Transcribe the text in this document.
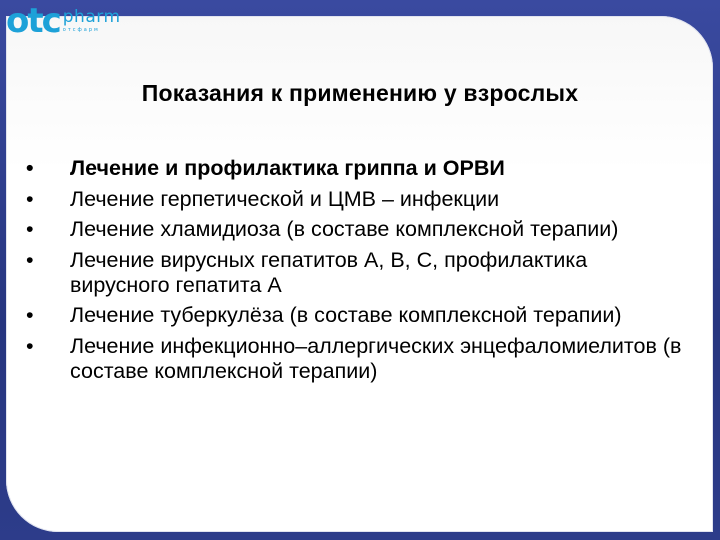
otc pharm
отcфарм
Показания к применению у взрослых
•	Лечение и профилактика гриппа и ОРВИ
•	Лечение герпетической и ЦМВ – инфекции
•	Лечение хламидиоза (в составе комплексной терапии)
•	Лечение вирусных гепатитов А, В, С, профилактика вирусного гепатита А
•	Лечение туберкулёза (в составе комплексной терапии)
•	Лечение инфекционно–аллергических энцефаломиелитов (в составе комплексной терапии)
